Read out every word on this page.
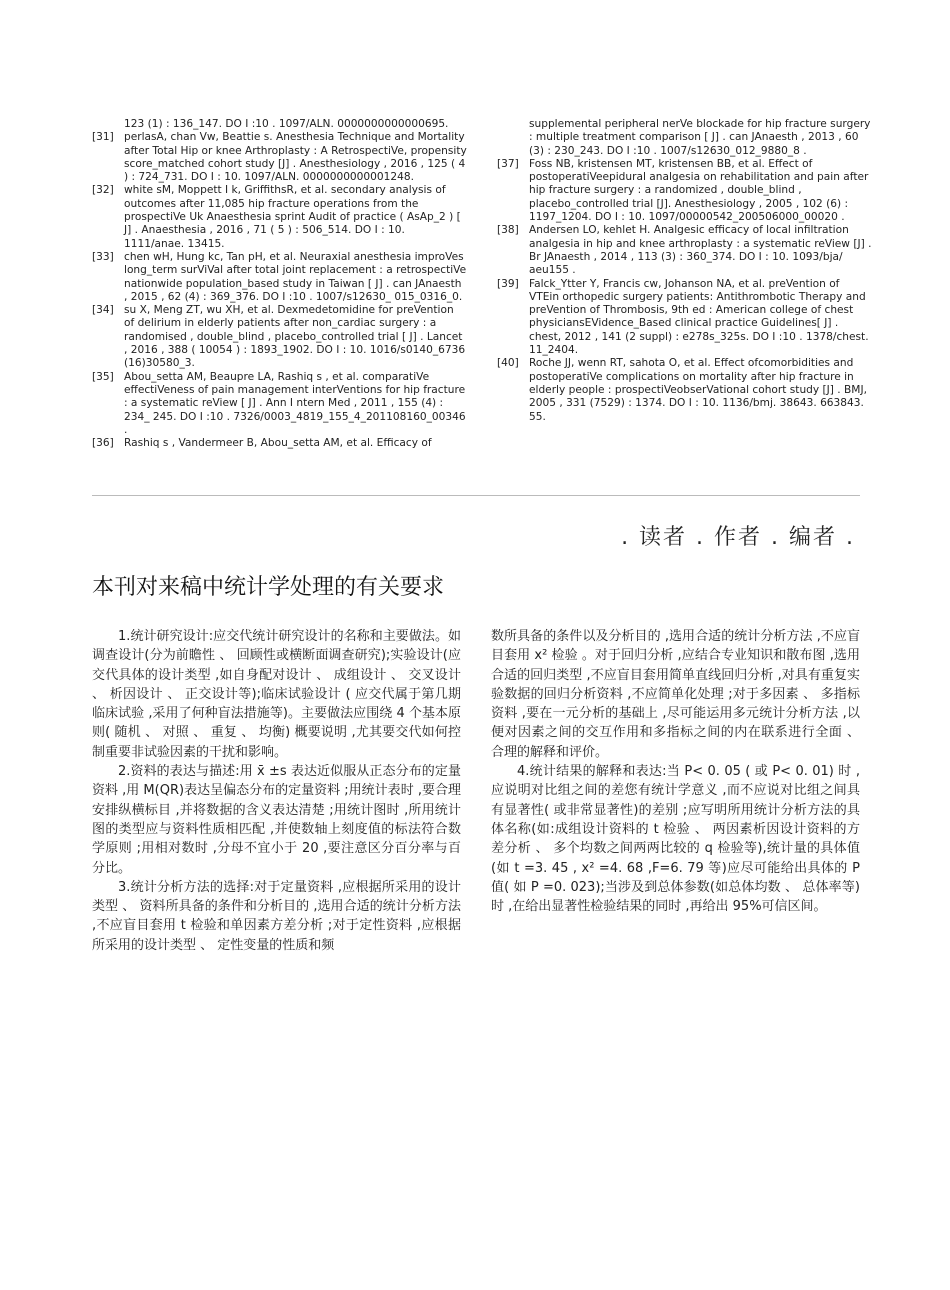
123 (1) : 136_147. DO I :10 . 1097/ALN. 0000000000000695.
[31] perlasA, chan Vw, Beattie s. Anesthesia Technique and Mortality after Total Hip or knee Arthroplasty : A RetrospectiVe, propensity score_matched cohort study [J] . Anesthesiology , 2016 , 125 ( 4 ) : 724_731. DO I : 10. 1097/ALN. 0000000000001248.
[32] white sM, Moppett I k, GriffithsR, et al. secondary analysis of outcomes after 11,085 hip fracture operations from the prospectiVe Uk Anaesthesia sprint Audit of practice ( AsAp_2 ) [ J] . Anaesthesia , 2016 , 71 ( 5 ) : 506_514. DO I : 10. 1111/anae. 13415.
[33] chen wH, Hung kc, Tan pH, et al. Neuraxial anesthesia improVes long_term surViVal after total joint replacement : a retrospectiVe nationwide population_based study in Taiwan [ J] . can JAnaesth , 2015 , 62 (4) : 369_376. DO I :10 . 1007/s12630_ 015_0316_0.
[34] su X, Meng ZT, wu XH, et al. Dexmedetomidine for preVention of delirium in elderly patients after non_cardiac surgery : a randomised , double_blind , placebo_controlled trial [ J] . Lancet , 2016 , 388 ( 10054 ) : 1893_1902. DO I : 10. 1016/s0140_6736 (16)30580_3.
[35] Abou_setta AM, Beaupre LA, Rashiq s , et al. comparatiVe effectiVeness of pain management interVentions for hip fracture : a systematic reView [ J] . Ann I ntern Med , 2011 , 155 (4) : 234_ 245. DO I :10 . 7326/0003_4819_155_4_201108160_00346 .
[36] Rashiq s , Vandermeer B, Abou_setta AM, et al. Efficacy of
supplemental peripheral nerVe blockade for hip fracture surgery : multiple treatment comparison [ J] . can JAnaesth , 2013 , 60
(3) : 230_243. DO I :10 . 1007/s12630_012_9880_8 .
[37] Foss NB, kristensen MT, kristensen BB, et al. Effect of postoperatiVeepidural analgesia on rehabilitation and pain after hip fracture surgery : a randomized , double_blind , placebo_controlled trial [J]. Anesthesiology , 2005 , 102 (6) : 1197_1204. DO I : 10. 1097/00000542_200506000_00020 .
[38] Andersen LO, kehlet H. Analgesic efficacy of local infiltration analgesia in hip and knee arthroplasty : a systematic reView [J] . Br JAnaesth , 2014 , 113 (3) : 360_374. DO I : 10. 1093/bja/ aeu155 .
[39] Falck_Ytter Y, Francis cw, Johanson NA, et al. preVention of VTEin orthopedic surgery patients: Antithrombotic Therapy and preVention of Thrombosis, 9th ed : American college of chest physiciansEVidence_Based clinical practice Guidelines[ J] . chest, 2012 , 141 (2 suppl) : e278s_325s. DO I :10 . 1378/chest. 11_2404.
[40] Roche JJ, wenn RT, sahota O, et al. Effect ofcomorbidities and postoperatiVe complications on mortality after hip fracture in elderly people : prospectiVeobserVational cohort study [J] . BMJ, 2005 , 331 (7529) : 1374. DO I : 10. 1136/bmj. 38643. 663843. 55.
. 读者 . 作者 . 编者 .
本刊对来稿中统计学处理的有关要求

1.统计研究设计:应交代统计研究设计的名称和主要做法。如调查设计(分为前瞻性 、 回顾性或横断面调查研究);实验设计(应交代具体的设计类型 ,如自身配对设计 、 成组设计 、 交叉设计 、 析因设计 、 正交设计等);临床试验设计 ( 应交代属于第几期临床试验 ,采用了何种盲法措施等)。主要做法应围绕 4 个基本原则( 随机 、 对照 、 重复 、 均衡) 概要说明 ,尤其要交代如何控制重要非试验因素的干扰和影响。

2.资料的表达与描述:用 x̄ ±s 表达近似服从正态分布的定量资料 ,用 M(QR)表达呈偏态分布的定量资料 ;用统计表时 ,要合理安排纵横标目 ,并将数据的含义表达清楚 ;用统计图时 ,所用统计图的类型应与资料性质相匹配 ,并使数轴上刻度值的标法符合数学原则 ;用相对数时 ,分母不宜小于 20 ,要注意区分百分率与百分比。

3.统计分析方法的选择:对于定量资料 ,应根据所采用的设计类型 、 资料所具备的条件和分析目的 ,选用合适的统计分析方法 ,不应盲目套用 t 检验和单因素方差分析 ;对于定性资料 ,应根据所采用的设计类型 、 定性变量的性质和频

数所具备的条件以及分析目的 ,选用合适的统计分析方法 ,不应盲目套用 x² 检验 。对于回归分析 ,应结合专业知识和散布图 ,选用合适的回归类型 ,不应盲目套用简单直线回归分析 ,对具有重复实验数据的回归分析资料 ,不应简单化处理 ;对于多因素 、 多指标资料 ,要在一元分析的基础上 ,尽可能运用多元统计分析方法 ,以便对因素之间的交互作用和多指标之间的内在联系进行全面 、 合理的解释和评价。

4.统计结果的解释和表达:当 P< 0. 05 ( 或 P< 0. 01) 时 ,应说明对比组之间的差您有统计学意义 ,而不应说对比组之间具有显著性( 或非常显著性)的差别 ;应写明所用统计分析方法的具体名称(如:成组设计资料的 t 检验 、 两因素析因设计资料的方差分析 、 多个均数之间两两比较的 q 检验等),统计量的具体值(如 t =3. 45 , x² =4. 68 ,F=6. 79 等)应尽可能给出具体的 P 值( 如 P =0. 023);当涉及到总体参数(如总体均数 、 总体率等)时 ,在给出显著性检验结果的同时 ,再给出 95%可信区间。
